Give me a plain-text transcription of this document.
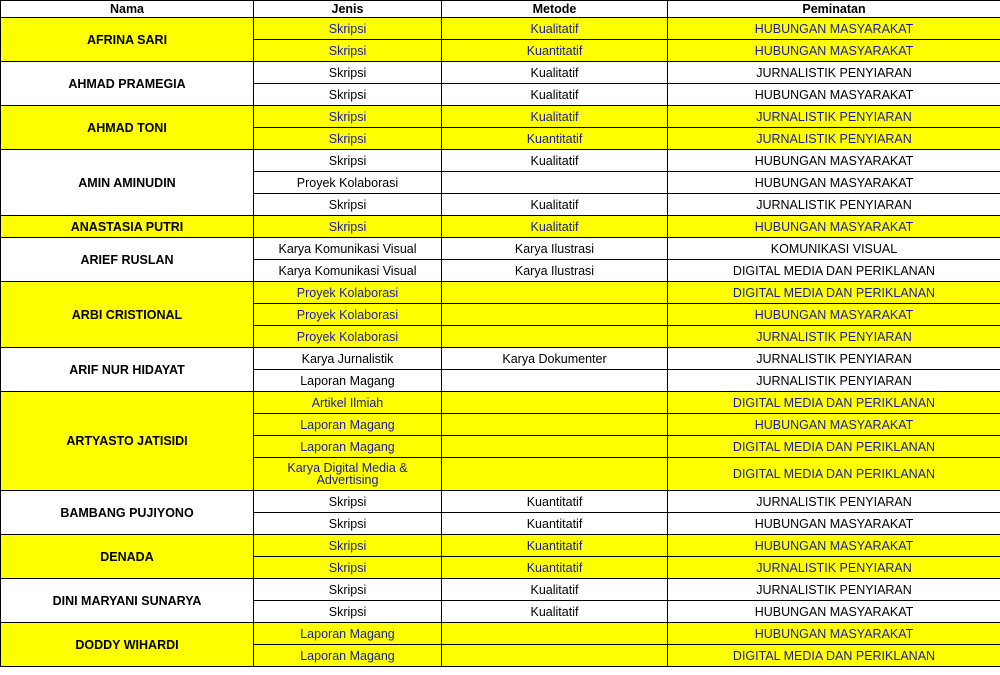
Nama	Jenis	Metode	Peminatan
AFRINA SARI	Skripsi	Kualitatif	HUBUNGAN MASYARAKAT
	Skripsi	Kuantitatif	HUBUNGAN MASYARAKAT
AHMAD PRAMEGIA	Skripsi	Kualitatif	JURNALISTIK PENYIARAN
	Skripsi	Kualitatif	HUBUNGAN MASYARAKAT
AHMAD TONI	Skripsi	Kualitatif	JURNALISTIK PENYIARAN
	Skripsi	Kuantitatif	JURNALISTIK PENYIARAN
AMIN AMINUDIN	Skripsi	Kualitatif	HUBUNGAN MASYARAKAT
	Proyek Kolaborasi		HUBUNGAN MASYARAKAT
	Skripsi	Kualitatif	JURNALISTIK PENYIARAN
ANASTASIA PUTRI	Skripsi	Kualitatif	HUBUNGAN MASYARAKAT
ARIEF RUSLAN	Karya Komunikasi Visual	Karya Ilustrasi	KOMUNIKASI VISUAL
	Karya Komunikasi Visual	Karya Ilustrasi	DIGITAL MEDIA DAN PERIKLANAN
ARBI CRISTIONAL	Proyek Kolaborasi		DIGITAL MEDIA DAN PERIKLANAN
	Proyek Kolaborasi		HUBUNGAN MASYARAKAT
	Proyek Kolaborasi		JURNALISTIK PENYIARAN
ARIF NUR HIDAYAT	Karya Jurnalistik	Karya Dokumenter	JURNALISTIK PENYIARAN
	Laporan Magang		JURNALISTIK PENYIARAN
ARTYASTO JATISIDI	Artikel Ilmiah		DIGITAL MEDIA DAN PERIKLANAN
	Laporan Magang		HUBUNGAN MASYARAKAT
	Laporan Magang		DIGITAL MEDIA DAN PERIKLANAN
	Karya Digital Media & Advertising		DIGITAL MEDIA DAN PERIKLANAN
BAMBANG PUJIYONO	Skripsi	Kuantitatif	JURNALISTIK PENYIARAN
	Skripsi	Kuantitatif	HUBUNGAN MASYARAKAT
DENADA	Skripsi	Kuantitatif	HUBUNGAN MASYARAKAT
	Skripsi	Kuantitatif	JURNALISTIK PENYIARAN
DINI MARYANI SUNARYA	Skripsi	Kualitatif	JURNALISTIK PENYIARAN
	Skripsi	Kualitatif	HUBUNGAN MASYARAKAT
DODDY WIHARDI	Laporan Magang		HUBUNGAN MASYARAKAT
	Laporan Magang		DIGITAL MEDIA DAN PERIKLANAN
